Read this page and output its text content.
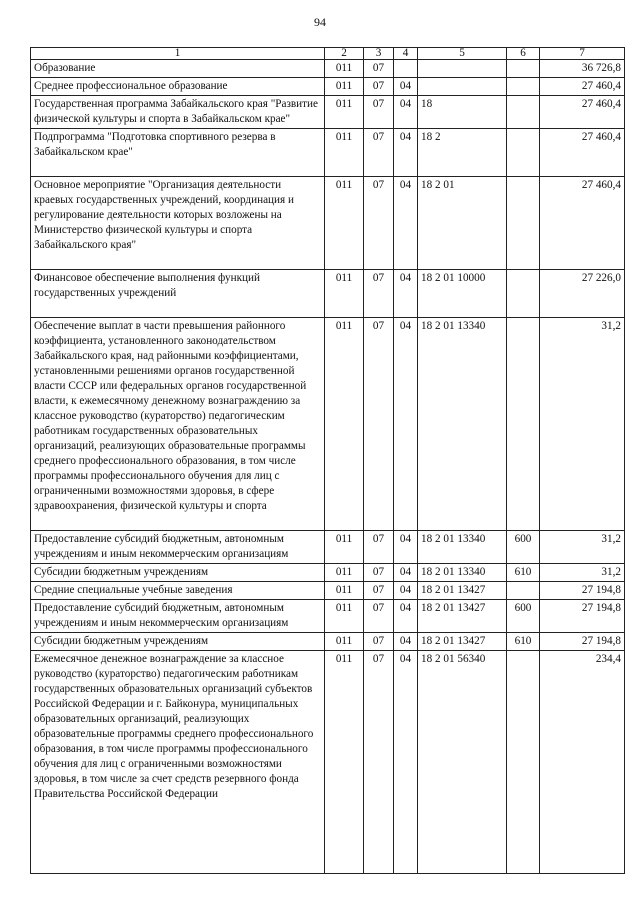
94
1	2	3	4	5	6	7
Образование	011	07				36 726,8
Среднее профессиональное образование	011	07	04			27 460,4
Государственная программа Забайкальского края "Развитие физической культуры и спорта в Забайкальском крае"	011	07	04	18		27 460,4
Подпрограмма "Подготовка спортивного резерва в Забайкальском крае"	011	07	04	18 2		27 460,4
Основное мероприятие "Организация деятельности краевых государственных учреждений, координация и регулирование деятельности которых возложены на Министерство физической культуры и спорта Забайкальского края"	011	07	04	18 2 01		27 460,4
Финансовое обеспечение выполнения функций государственных учреждений	011	07	04	18 2 01 10000		27 226,0
Обеспечение выплат в части превышения районного коэффициента, установленного законодательством Забайкальского края, над районными коэффициентами, установленными решениями органов государственной власти СССР или федеральных органов государственной власти, к ежемесячному денежному вознаграждению за классное руководство (кураторство) педагогическим работникам государственных образовательных организаций, реализующих образовательные программы среднего профессионального образования, в том числе программы профессионального обучения для лиц с ограниченными возможностями здоровья, в сфере здравоохранения, физической культуры и спорта	011	07	04	18 2 01 13340		31,2
Предоставление субсидий бюджетным, автономным учреждениям и иным некоммерческим организациям	011	07	04	18 2 01 13340	600	31,2
Субсидии бюджетным учреждениям	011	07	04	18 2 01 13340	610	31,2
Средние специальные учебные заведения	011	07	04	18 2 01 13427		27 194,8
Предоставление субсидий бюджетным, автономным учреждениям и иным некоммерческим организациям	011	07	04	18 2 01 13427	600	27 194,8
Субсидии бюджетным учреждениям	011	07	04	18 2 01 13427	610	27 194,8
Ежемесячное денежное вознаграждение за классное руководство (кураторство) педагогическим работникам государственных образовательных организаций субъектов Российской Федерации и г. Байконура, муниципальных образовательных организаций, реализующих образовательные программы среднего профессионального образования, в том числе программы профессионального обучения для лиц с ограниченными возможностями здоровья, в том числе за счет средств резервного фонда Правительства Российской Федерации	011	07	04	18 2 01 56340		234,4
